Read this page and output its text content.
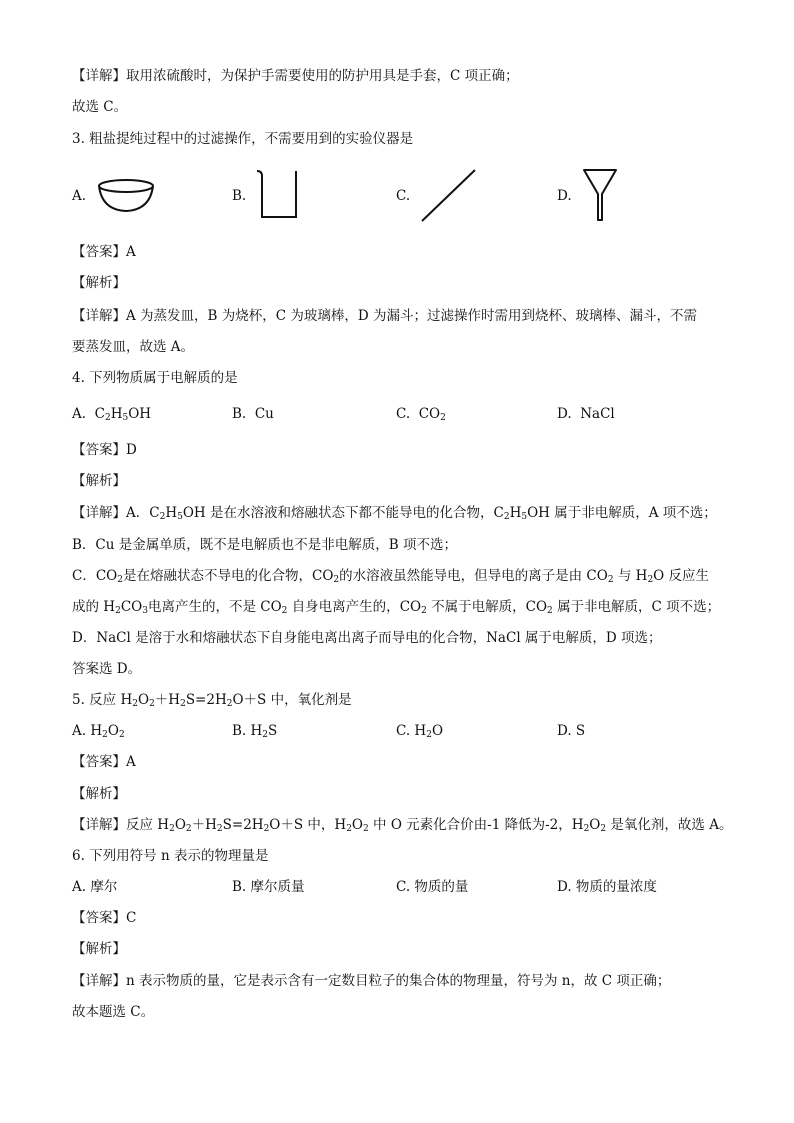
【详解】取用浓硫酸时，为保护手需要使用的防护用具是手套，C 项正确；
故选 C。
3. 粗盐提纯过程中的过滤操作，不需要用到的实验仪器是
A.	B.	C.	D.
【答案】A
【解析】
【详解】A 为蒸发皿，B 为烧杯，C 为玻璃棒，D 为漏斗；过滤操作时需用到烧杯、玻璃棒、漏斗，不需
要蒸发皿，故选 A。
4. 下列物质属于电解质的是
A.  $C_2H_5OH$	B. Cu	C.  $CO_2$	D. NaCl
【答案】D
【解析】
【详解】A．$C_2H_5OH$ 是在水溶液和熔融状态下都不能导电的化合物，$C_2H_5OH$ 属于非电解质，A 项不选；
B．Cu 是金属单质，既不是电解质也不是非电解质，B 项不选；
C．$CO_2$是在熔融状态不导电的化合物，$CO_2$的水溶液虽然能导电，但导电的离子是由 $CO_2$ 与 $H_2O$ 反应生
成的 $H_2CO_3$电离产生的，不是 $CO_2$ 自身电离产生的，$CO_2$ 不属于电解质，$CO_2$ 属于非电解质，C 项不选；
D．NaCl 是溶于水和熔融状态下自身能电离出离子而导电的化合物，NaCl 属于电解质，D 项选；
答案选 D。
5. 反应 $H_2O_2+H_2S=2H_2O+S$ 中，氧化剂是
A. $H_2O_2$	B. $H_2S$	C. $H_2O$	D. S
【答案】A
【解析】
【详解】反应 $H_2O_2+H_2S=2H_2O+S$ 中，$H_2O_2$ 中 O 元素化合价由-1 降低为-2，$H_2O_2$ 是氧化剂，故选 A。
6. 下列用符号 n 表示的物理量是
A. 摩尔	B. 摩尔质量	C. 物质的量	D. 物质的量浓度
【答案】C
【解析】
【详解】n 表示物质的量，它是表示含有一定数目粒子的集合体的物理量，符号为 n，故 C 项正确；
故本题选 C。
